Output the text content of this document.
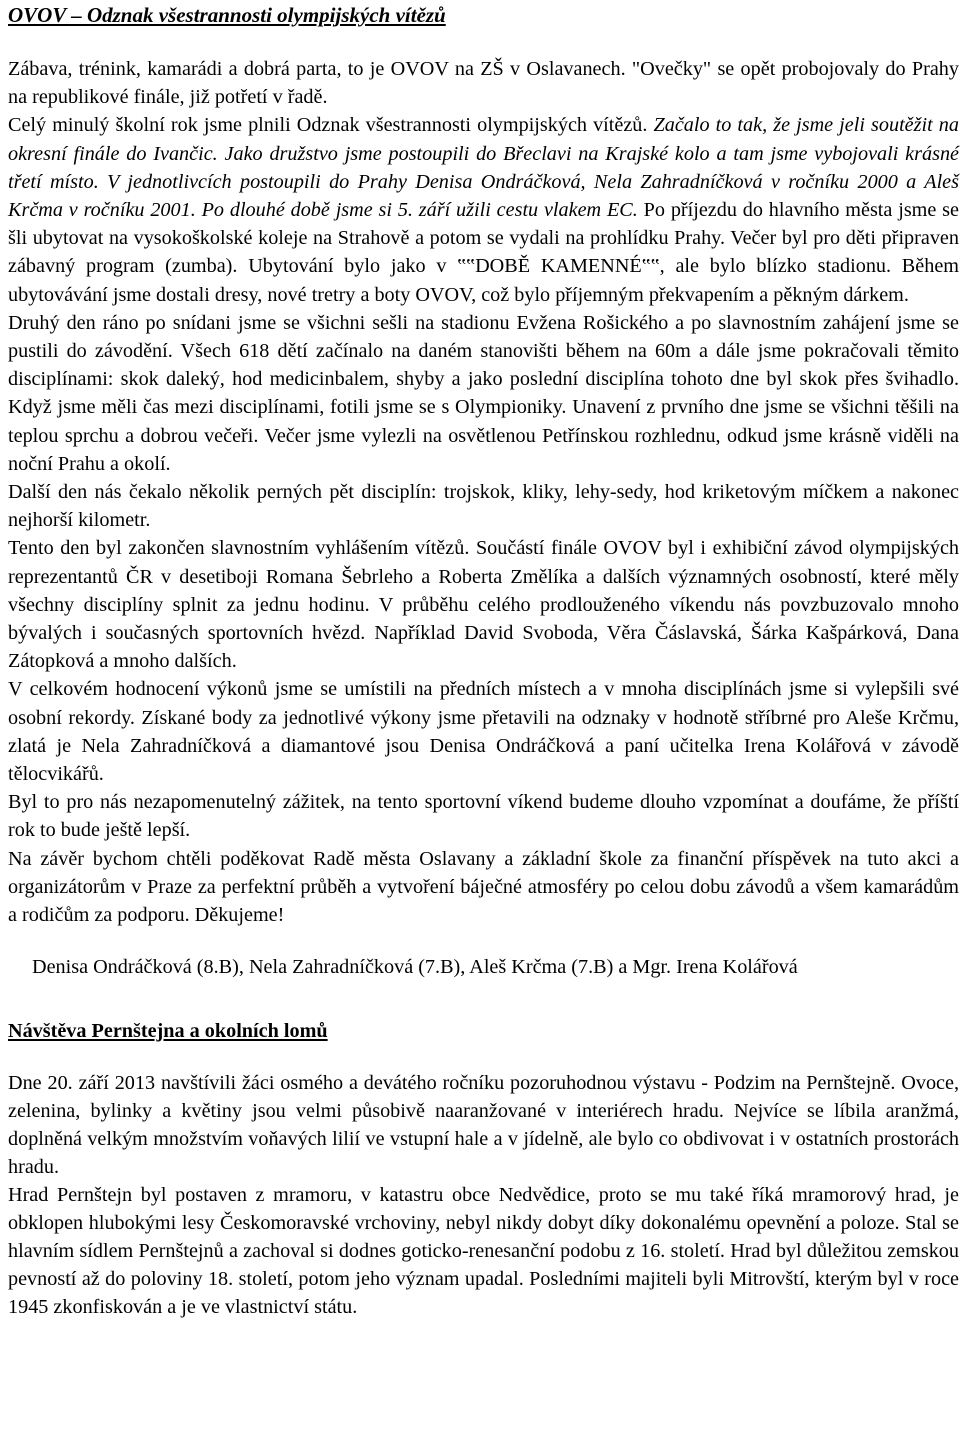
OVOV – Odznak všestrannosti olympijských vítězů

Zábava, trénink, kamarádi a dobrá parta, to je OVOV na ZŠ v Oslavanech. "Ovečky" se opět probojovaly do Prahy na republikové finále, již potřetí v řadě.

Celý minulý školní rok jsme plnili Odznak všestrannosti olympijských vítězů. Začalo to tak, že jsme jeli soutěžit na okresní finále do Ivančic. Jako družstvo jsme postoupili do Břeclavi na Krajské kolo a tam jsme vybojovali krásné třetí místo. V jednotlivcích postoupili do Prahy Denisa Ondráčková, Nela Zahradníčková v ročníku 2000 a Aleš Krčma v ročníku 2001. Po dlouhé době jsme si 5. září užili cestu vlakem EC. Po příjezdu do hlavního města jsme se šli ubytovat na vysokoškolské koleje na Strahově a potom se vydali na prohlídku Prahy. Večer byl pro děti připraven zábavný program (zumba). Ubytování bylo jako v ‟‟DOBĚ KAMENNÉ‟‟, ale bylo blízko stadionu. Během ubytovávání jsme dostali dresy, nové tretry a boty OVOV, což bylo příjemným překvapením a pěkným dárkem.

Druhý den ráno po snídani jsme se všichni sešli na stadionu Evžena Rošického a po slavnostním zahájení jsme se pustili do závodění. Všech 618 dětí začínalo na daném stanovišti během na 60m a dále jsme pokračovali těmito disciplínami: skok daleký, hod medicinbalem, shyby a jako poslední disciplína tohoto dne byl skok přes švihadlo. Když jsme měli čas mezi disciplínami, fotili jsme se s Olympioniky. Unavení z prvního dne jsme se všichni těšili na teplou sprchu a dobrou večeři. Večer jsme vylezli na osvětlenou Petřínskou rozhlednu, odkud jsme krásně viděli na noční Prahu a okolí.

Další den nás čekalo několik perných pět disciplín: trojskok, kliky, lehy-sedy, hod kriketovým míčkem a nakonec nejhorší kilometr.

Tento den byl zakončen slavnostním vyhlášením vítězů. Součástí finále OVOV byl i exhibiční závod olympijských reprezentantů ČR v desetiboji Romana Šebrleho a Roberta Změlíka a dalších významných osobností, které měly všechny disciplíny splnit za jednu hodinu. V průběhu celého prodlouženého víkendu nás povzbuzovalo mnoho bývalých i současných sportovních hvězd. Například David Svoboda, Věra Čáslavská, Šárka Kašpárková, Dana Zátopková a mnoho dalších.

V celkovém hodnocení výkonů jsme se umístili na předních místech a v mnoha disciplínách jsme si vylepšili své osobní rekordy. Získané body za jednotlivé výkony jsme přetavili na odznaky v hodnotě stříbrné pro Aleše Krčmu, zlatá je Nela Zahradníčková a diamantové jsou Denisa Ondráčková a paní učitelka Irena Kolářová v závodě tělocvikářů.

Byl to pro nás nezapomenutelný zážitek, na tento sportovní víkend budeme dlouho vzpomínat a doufáme, že příští rok to bude ještě lepší.

Na závěr bychom chtěli poděkovat Radě města Oslavany a základní škole za finanční příspěvek na tuto akci a organizátorům v Praze za perfektní průběh a vytvoření báječné atmosféry po celou dobu závodů a všem kamarádům a rodičům za podporu. Děkujeme!

Denisa Ondráčková (8.B), Nela Zahradníčková (7.B), Aleš Krčma (7.B) a Mgr. Irena Kolářová
Návštěva Pernštejna a okolních lomů

Dne 20. září 2013 navštívili žáci osmého a devátého ročníku pozoruhodnou výstavu - Podzim na Pernštejně. Ovoce, zelenina, bylinky a květiny jsou velmi působivě naaranžované v interiérech hradu. Nejvíce se líbila aranžmá, doplněná velkým množstvím voňavých lilií ve vstupní hale a v jídelně, ale bylo co obdivovat i v ostatních prostorách hradu.

Hrad Pernštejn byl postaven z mramoru, v katastru obce Nedvědice, proto se mu také říká mramorový hrad, je obklopen hlubokými lesy Českomoravské vrchoviny, nebyl nikdy dobyt díky dokonalému opevnění a poloze. Stal se hlavním sídlem Pernštejnů a zachoval si dodnes goticko-renesanční podobu z 16. století. Hrad byl důležitou zemskou pevností až do poloviny 18. století, potom jeho význam upadal. Posledními majiteli byli Mitrovští, kterým byl v roce 1945 zkonfiskován a je ve vlastnictví státu.
